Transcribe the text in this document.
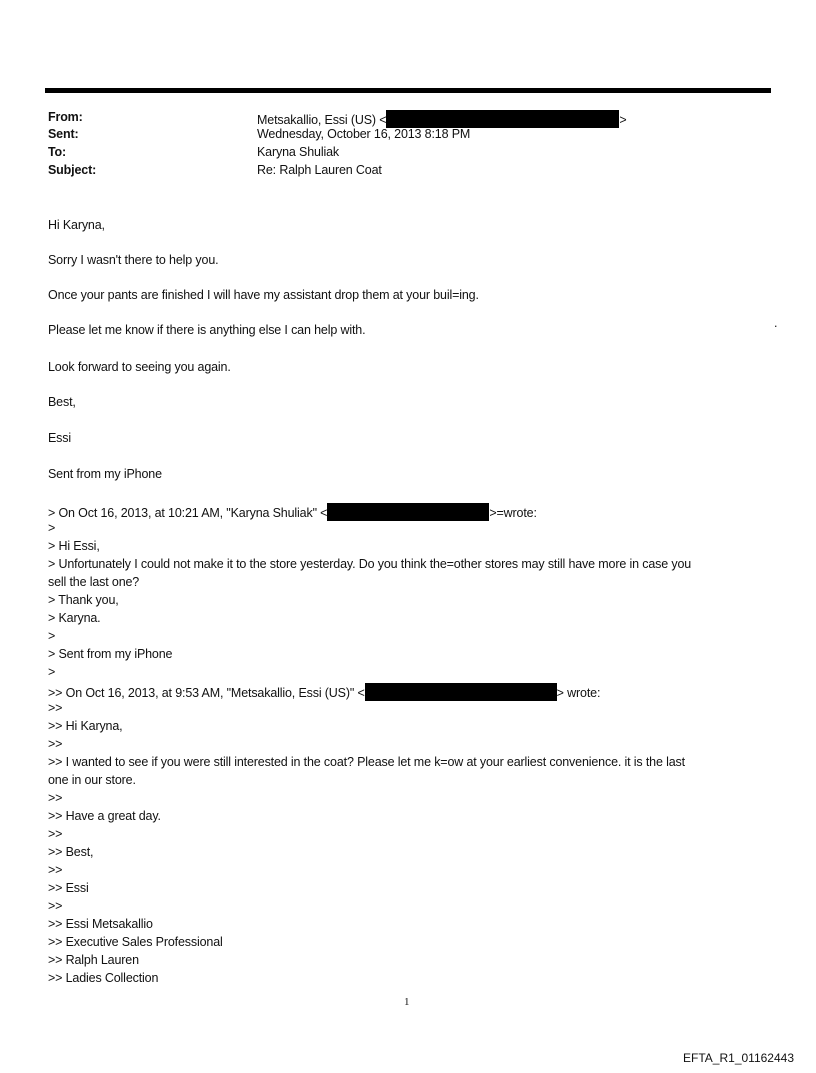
From:	Metsakallio, Essi (US) <	>
Sent:	Wednesday, October 16, 2013 8:18 PM
To:	Karyna Shuliak
Subject:	Re: Ralph Lauren Coat
Hi Karyna,
Sorry I wasn't there to help you.
Once your pants are finished I will have my assistant drop them at your buil=ing.
Please let me know if there is anything else I can help with.
Look forward to seeing you again.
Best,
Essi
Sent from my iPhone
> On Oct 16, 2013, at 10:21 AM, "Karyna Shuliak" <	>=wrote:
>
> Hi Essi,
> Unfortunately I could not make it to the store yesterday. Do you think the=other stores may still have more in case you
sell the last one?
> Thank you,
> Karyna.
>
> Sent from my iPhone
>
>> On Oct 16, 2013, at 9:53 AM, "Metsakallio, Essi (US)" <	> wrote:
>>
>> Hi Karyna,
>>
>> I wanted to see if you were still interested in the coat? Please let me k=ow at your earliest convenience. it is the last
one in our store.
>>
>> Have a great day.
>>
>> Best,
>>
>> Essi
>>
>> Essi Metsakallio
>> Executive Sales Professional
>> Ralph Lauren
>> Ladies Collection
.
1
EFTA_R1_01162443
